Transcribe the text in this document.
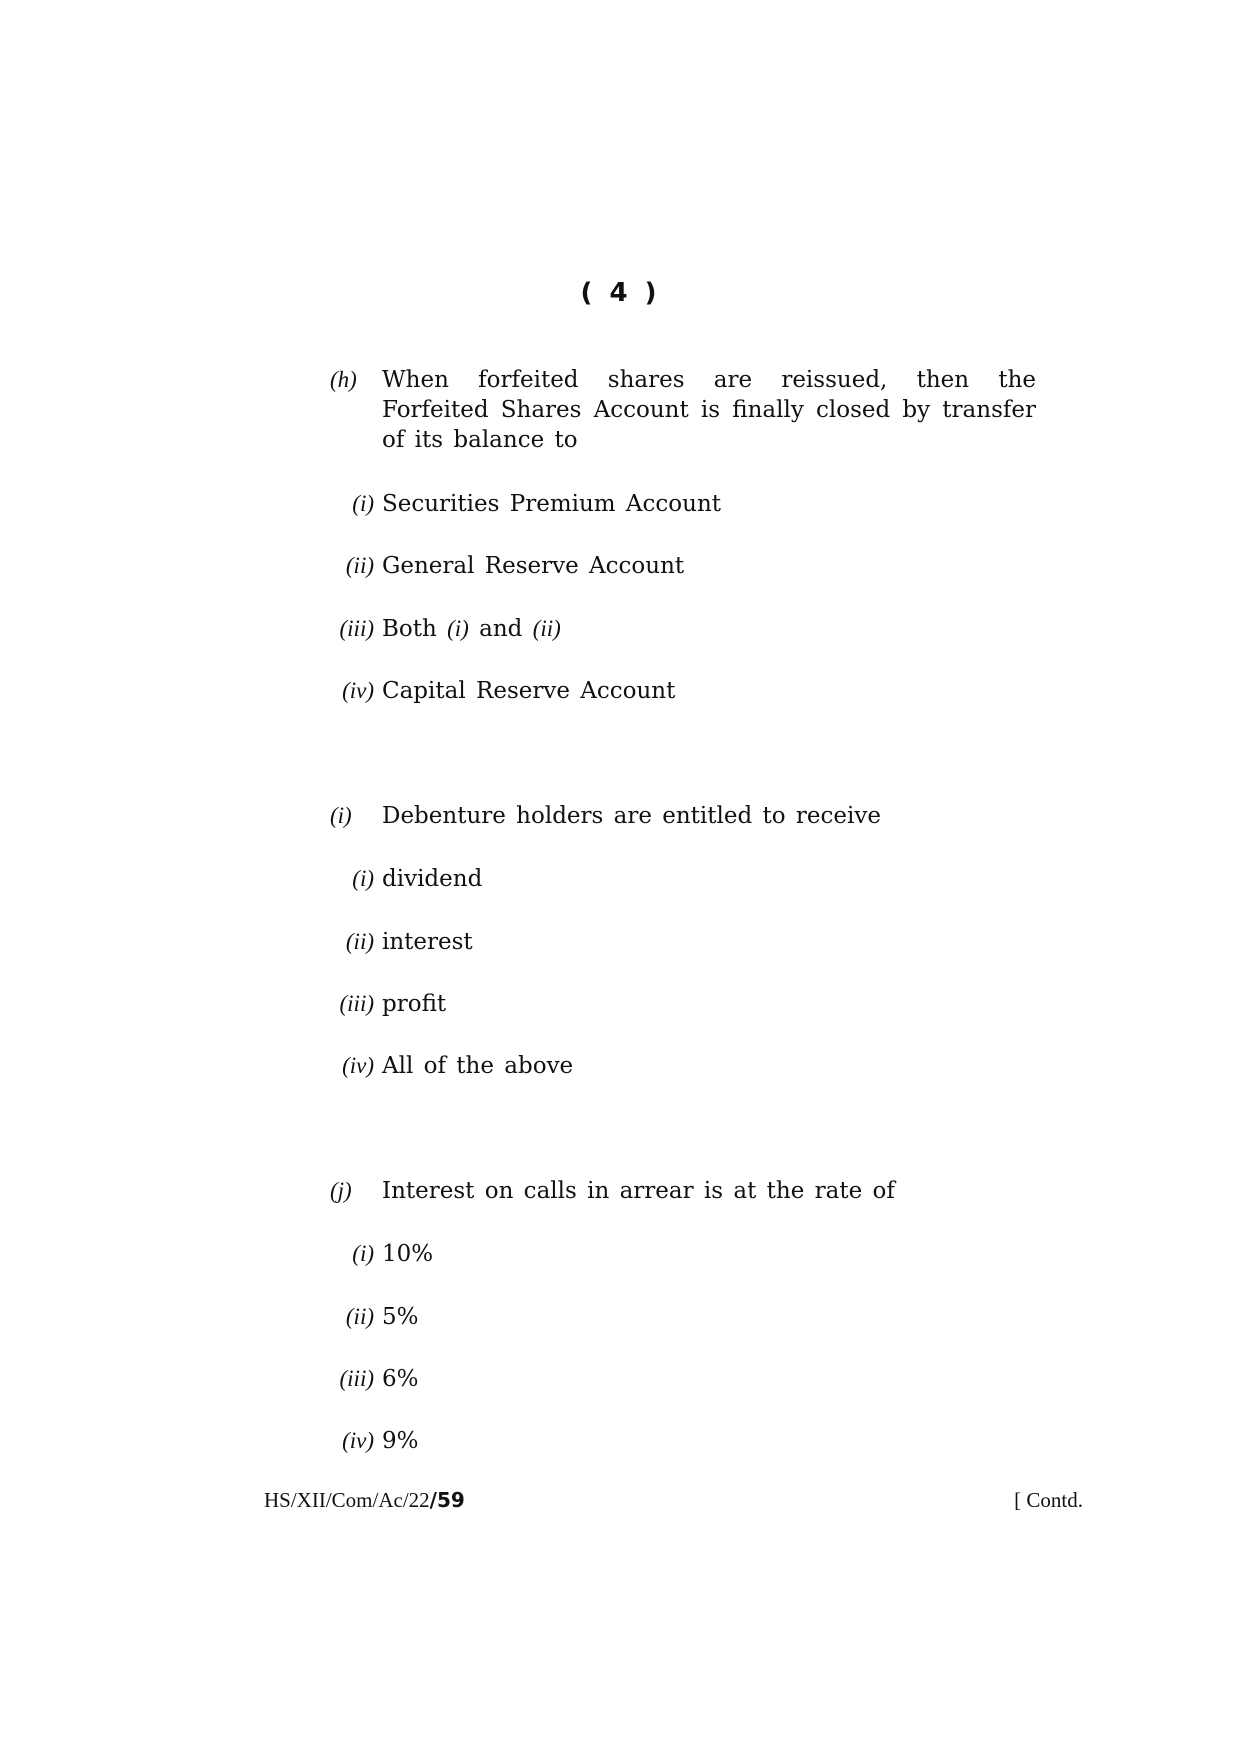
( 4 )
(h) When forfeited shares are reissued, then the Forfeited Shares Account is finally closed by transfer of its balance to
(i) Securities Premium Account
(ii) General Reserve Account
(iii) Both (i) and (ii)
(iv) Capital Reserve Account
(i) Debenture holders are entitled to receive
(i) dividend
(ii) interest
(iii) profit
(iv) All of the above
(j) Interest on calls in arrear is at the rate of
(i) 10%
(ii) 5%
(iii) 6%
(iv) 9%
HS/XII/Com/Ac/22/59	[ Contd.
